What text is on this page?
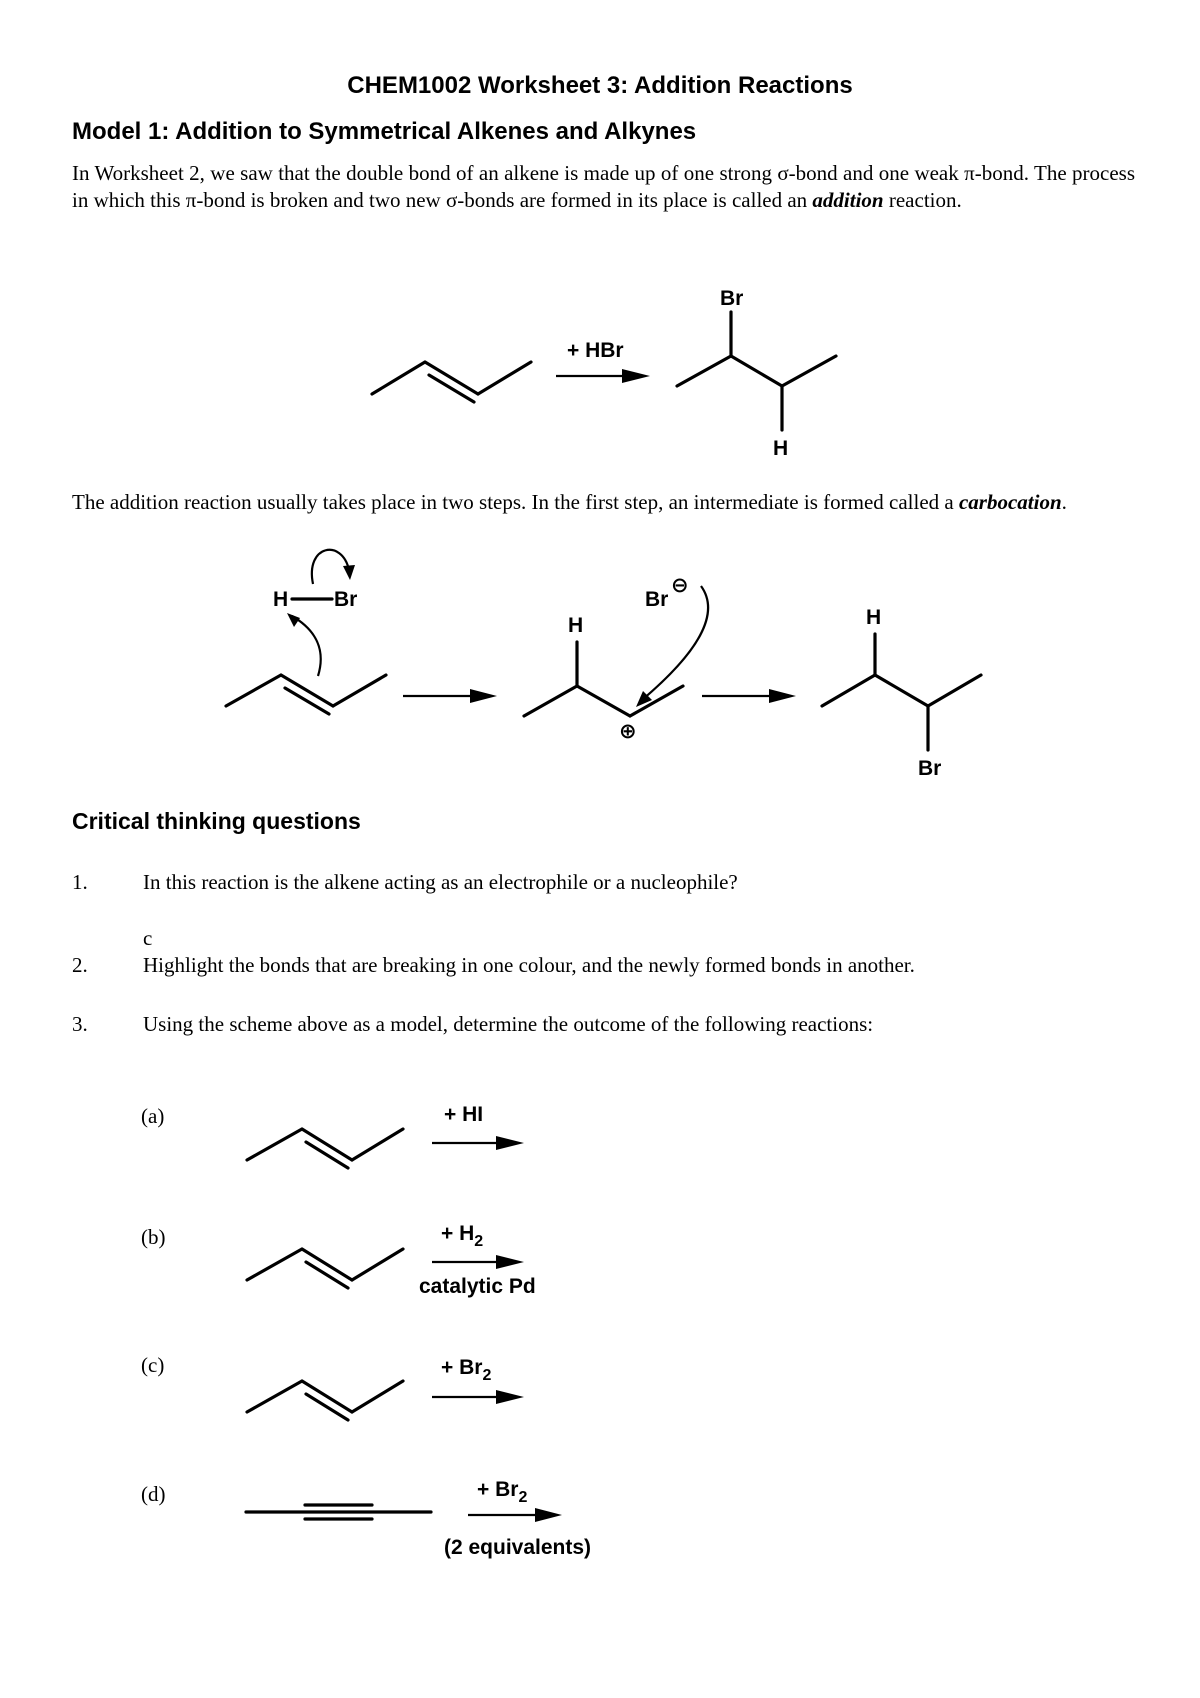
CHEM1002 Worksheet 3: Addition Reactions
Model 1: Addition to Symmetrical Alkenes and Alkynes
In Worksheet 2, we saw that the double bond of an alkene is made up of one strong σ-bond and one weak π-bond. The process in which this π-bond is broken and two new σ-bonds are formed in its place is called an addition reaction.
The addition reaction usually takes place in two steps. In the first step, an intermediate is formed called a carbocation.
+ HBr
Br
H
H Br
H
Br
⊖
⊕
H
Br
+ HI
+ $H_2$
catalytic Pd
+ $Br_2$
+ $Br_2$
(2 equivalents)
Critical thinking questions
1.	In this reaction is the alkene acting as an electrophile or a nucleophile?
c
2.	Highlight the bonds that are breaking in one colour, and the newly formed bonds in another.
3.	Using the scheme above as a model, determine the outcome of the following reactions:
(a)
(b)
(c)
(d)
